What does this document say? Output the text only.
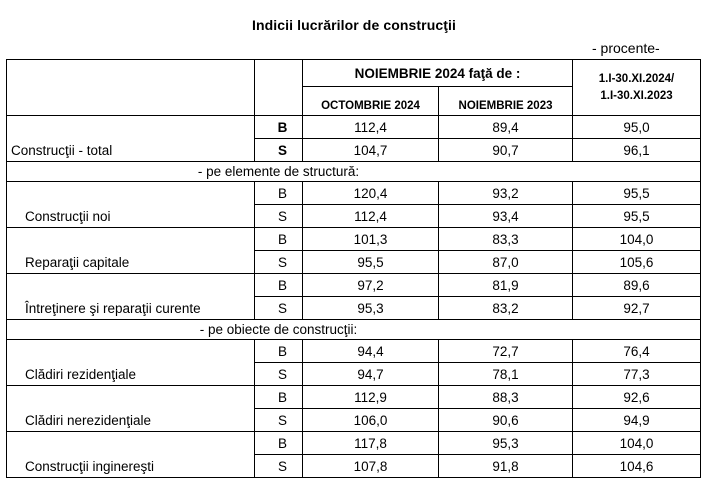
Indicii lucrărilor de construcţii
- procente-
		NOIEMBRIE 2024 faţă de :		1.I-30.XI.2024/
1.I-30.XI.2023
		OCTOMBRIE 2024	NOIEMBRIE 2023	
Construcţii - total	B	112,4	89,4	95,0
	S	104,7	90,7	96,1
- pe elemente de structură:				
Construcţii noi	B	120,4	93,2	95,5
	S	112,4	93,4	95,5
Reparaţii capitale	B	101,3	83,3	104,0
	S	95,5	87,0	105,6
Întreţinere şi reparaţii curente	B	97,2	81,9	89,6
	S	95,3	83,2	92,7
- pe obiecte de construcţii:				
Clădiri rezidenţiale	B	94,4	72,7	76,4
	S	94,7	78,1	77,3
Clădiri nerezidenţiale	B	112,9	88,3	92,6
	S	106,0	90,6	94,9
Construcţii inginereşti	B	117,8	95,3	104,0
	S	107,8	91,8	104,6
